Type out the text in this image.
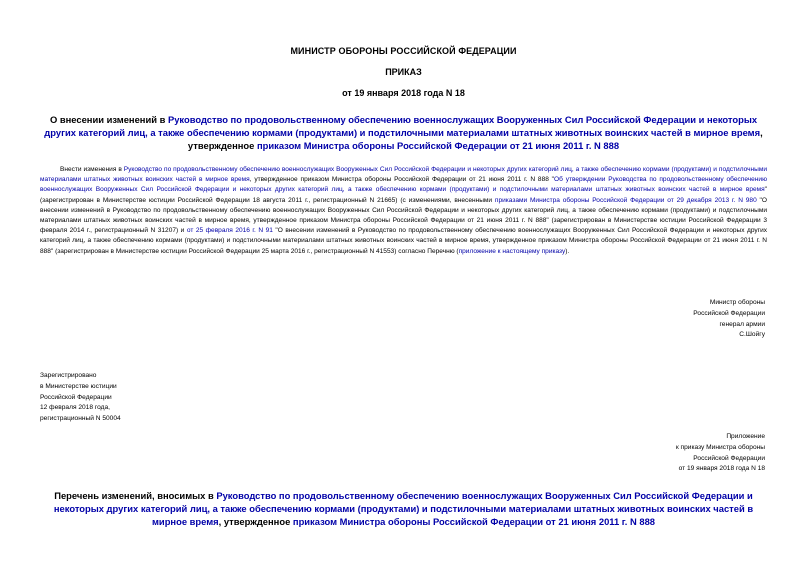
МИНИСТР ОБОРОНЫ РОССИЙСКОЙ ФЕДЕРАЦИИ
ПРИКАЗ
от 19 января 2018 года N 18
О внесении изменений в Руководство по продовольственному обеспечению военнослужащих Вооруженных Сил Российской Федерации и некоторых других категорий лиц, а также обеспечению кормами (продуктами) и подстилочными материалами штатных животных воинских частей в мирное время, утвержденное приказом Министра обороны Российской Федерации от 21 июня 2011 г. N 888
Внести изменения в Руководство по продовольственному обеспечению военнослужащих Вооруженных Сил Российской Федерации и некоторых других категорий лиц, а также обеспечению кормами (продуктами) и подстилочными материалами штатных животных воинских частей в мирное время, утвержденное приказом Министра обороны Российской Федерации от 21 июня 2011 г. N 888 "Об утверждении Руководства по продовольственному обеспечению военнослужащих Вооруженных Сил Российской Федерации и некоторых других категорий лиц, а также обеспечению кормами (продуктами) и подстилочными материалами штатных животных воинских частей в мирное время" (зарегистрирован в Министерстве юстиции Российской Федерации 18 августа 2011 г., регистрационный N 21665) (с изменениями, внесенными приказами Министра обороны Российской Федерации от 29 декабря 2013 г. N 980 "О внесении изменений в Руководство по продовольственному обеспечению военнослужащих Вооруженных Сил Российской Федерации и некоторых других категорий лиц, а также обеспечению кормами (продуктами) и подстилочными материалами штатных животных воинских частей в мирное время, утвержденное приказом Министра обороны Российской Федерации от 21 июня 2011 г. N 888" (зарегистрирован в Министерстве юстиции Российской Федерации 3 февраля 2014 г., регистрационный N 31207) и от 25 февраля 2016 г. N 91 "О внесении изменений в Руководство по продовольственному обеспечению военнослужащих Вооруженных Сил Российской Федерации и некоторых других категорий лиц, а также обеспечению кормами (продуктами) и подстилочными материалами штатных животных воинских частей в мирное время, утвержденное приказом Министра обороны Российской Федерации от 21 июня 2011 г. N 888" (зарегистрирован в Министерстве юстиции Российской Федерации 25 марта 2016 г., регистрационный N 41553) согласно Перечню (приложение к настоящему приказу).
Министр обороны
Российской Федерации
генерал армии
С.Шойгу
Зарегистрировано
в Министерстве юстиции
Российской Федерации
12 февраля 2018 года,
регистрационный N 50004
Приложение
к приказу Министра обороны
Российской Федерации
от 19 января 2018 года N 18
Перечень изменений, вносимых в Руководство по продовольственному обеспечению военнослужащих Вооруженных Сил Российской Федерации и некоторых других категорий лиц, а также обеспечению кормами (продуктами) и подстилочными материалами штатных животных воинских частей в мирное время, утвержденное приказом Министра обороны Российской Федерации от 21 июня 2011 г. N 888
